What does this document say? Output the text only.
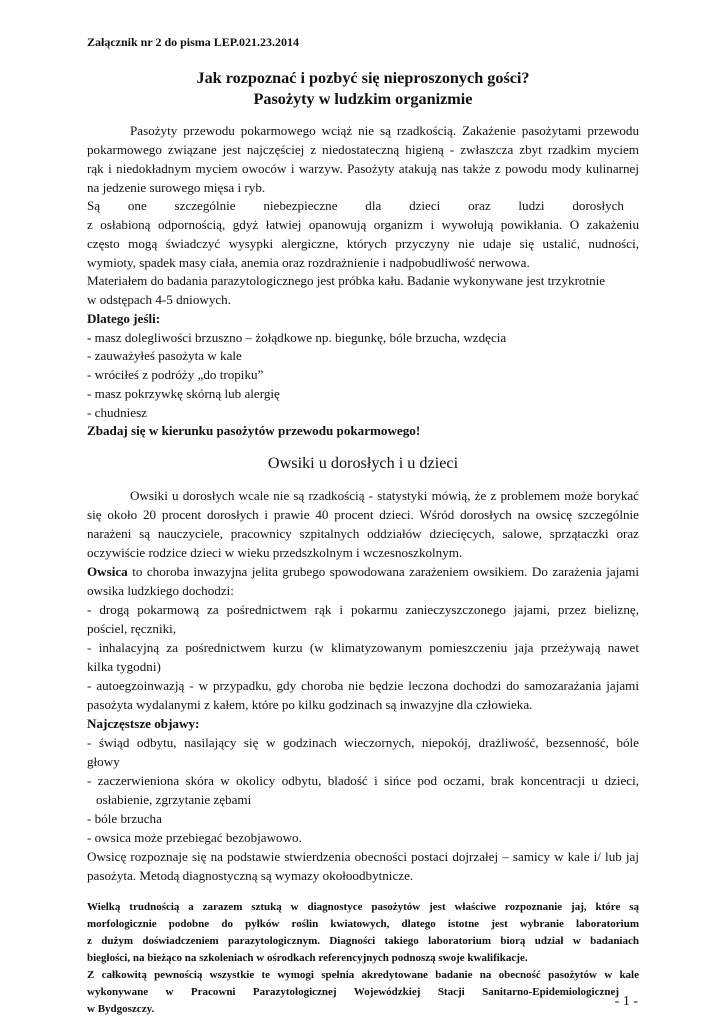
Załącznik nr 2 do pisma LEP.021.23.2014

Jak rozpoznać i pozbyć się nieproszonych gości?

Pasożyty w ludzkim organizmie

Pasożyty przewodu pokarmowego wciąż nie są rzadkością. Zakażenie pasożytami przewodu

pokarmowego związane jest najczęściej z niedostateczną higieną - zwłaszcza zbyt rzadkim myciem

rąk i niedokładnym myciem owoców i warzyw. Pasożyty atakują nas także z powodu mody kulinarnej

na jedzenie surowego mięsa i ryb.

Są one szczególnie niebezpieczne dla dzieci oraz ludzi dorosłych

z osłabioną odpornością, gdyż łatwiej opanowują organizm i wywołują powikłania. O zakażeniu

często mogą świadczyć wysypki alergiczne, których przyczyny nie udaje się ustalić, nudności,

wymioty, spadek masy ciała, anemia oraz rozdrażnienie i nadpobudliwość nerwowa.

Materiałem do badania parazytologicznego jest próbka kału. Badanie wykonywane jest trzykrotnie

w odstępach 4-5 dniowych.

Dlatego jeśli:

- masz dolegliwości brzuszno – żołądkowe np. biegunkę, bóle brzucha, wzdęcia

- zauważyłeś pasożyta w kale

- wróciłeś z podróży „do tropiku”

- masz pokrzywkę skórną lub alergię

- chudniesz

Zbadaj się w kierunku pasożytów przewodu pokarmowego!

Owsiki u dorosłych i u dzieci

Owsiki u dorosłych wcale nie są rzadkością - statystyki mówią, że z problemem może borykać

się około 20 procent dorosłych i prawie 40 procent dzieci. Wśród dorosłych na owsicę szczególnie

narażeni są nauczyciele, pracownicy szpitalnych oddziałów dziecięcych, salowe, sprzątaczki oraz

oczywiście rodzice dzieci w wieku przedszkolnym i wczesnoszkolnym.

Owsica to choroba inwazyjna jelita grubego spowodowana zarażeniem owsikiem. Do zarażenia jajami

owsika ludzkiego dochodzi:

- drogą pokarmową za pośrednictwem rąk i pokarmu zanieczyszczonego jajami, przez bieliznę,

pościel, ręczniki,

- inhalacyjną za pośrednictwem kurzu (w klimatyzowanym pomieszczeniu jaja przeżywają nawet

kilka tygodni)

- autoegzoinwazją - w przypadku, gdy choroba nie będzie leczona dochodzi do samozarażania jajami

pasożyta wydalanymi z kałem, które po kilku godzinach są inwazyjne dla człowieka.

Najczęstsze objawy:

- świąd odbytu, nasilający się w godzinach wieczornych, niepokój, drażliwość, bezsenność, bóle

głowy

- zaczerwieniona skóra w okolicy odbytu, bladość i sińce pod oczami, brak koncentracji u dzieci,

osłabienie, zgrzytanie zębami

- bóle brzucha

- owsica może przebiegać bezobjawowo.

Owsicę rozpoznaje się na podstawie stwierdzenia obecności postaci dojrzałej – samicy w kale i/ lub jaj

pasożyta. Metodą diagnostyczną są wymazy okołoodbytnicze.

Wielką trudnością a zarazem sztuką w diagnostyce pasożytów jest właściwe rozpoznanie jaj, które są

morfologicznie podobne do pyłków roślin kwiatowych, dlatego istotne jest wybranie laboratorium

z dużym doświadczeniem parazytologicznym. Diagności takiego laboratorium biorą udział w badaniach

biegłości, na bieżąco na szkoleniach w ośrodkach referencyjnych podnoszą swoje kwalifikacje.

Z całkowitą pewnością wszystkie te wymogi spełnia akredytowane badanie na obecność pasożytów w kale

wykonywane w Pracowni Parazytologicznej Wojewódzkiej Stacji Sanitarno-Epidemiologicznej

w Bydgoszczy.	- 1 -
